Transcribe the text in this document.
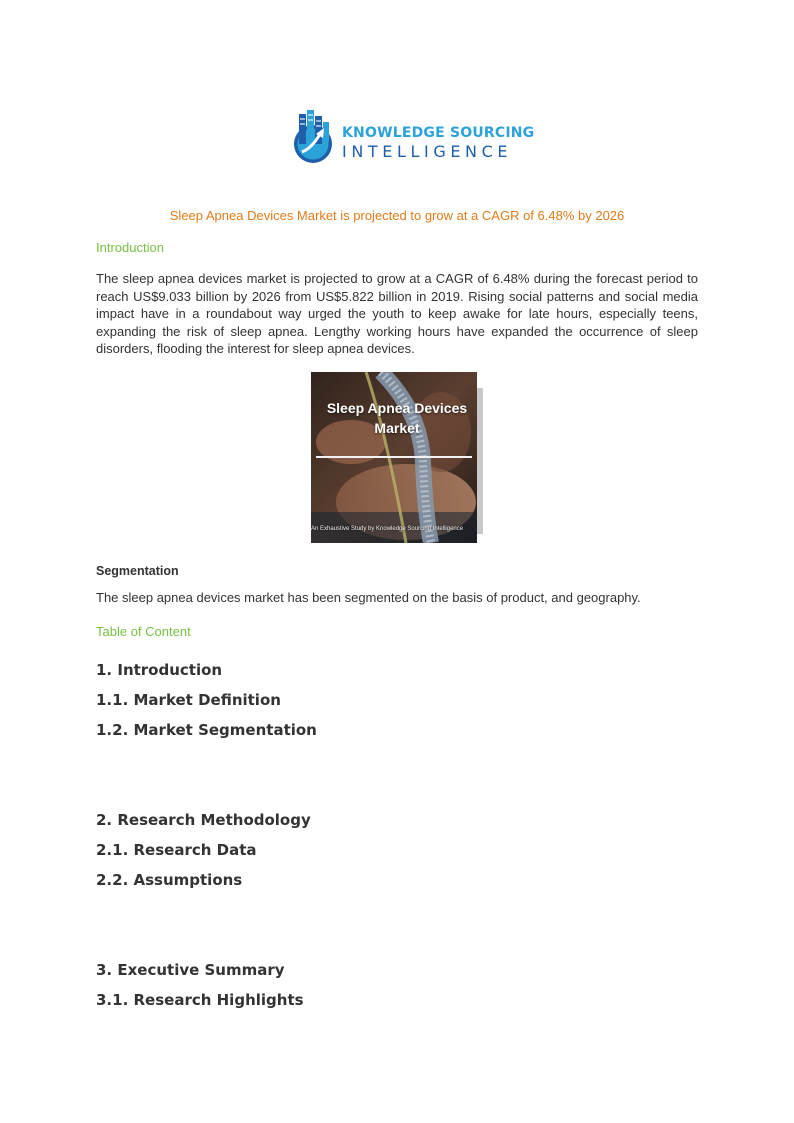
KNOWLEDGE SOURCING
INTELLIGENCE
Sleep Apnea Devices Market is projected to grow at a CAGR of 6.48% by 2026
Introduction
The sleep apnea devices market is projected to grow at a CAGR of 6.48% during the forecast period to reach US$9.033 billion by 2026 from US$5.822 billion in 2019. Rising social patterns and social media impact have in a roundabout way urged the youth to keep awake for late hours, especially teens, expanding the risk of sleep apnea. Lengthy working hours have expanded the occurrence of sleep disorders, flooding the interest for sleep apnea devices.
Sleep Apnea Devices
Market
An Exhaustive Study by Knowledge Sourcing Intelligence
Segmentation
The sleep apnea devices market has been segmented on the basis of product, and geography.
Table of Content
1. Introduction
1.1. Market Definition
1.2. Market Segmentation
2. Research Methodology
2.1. Research Data
2.2. Assumptions
3. Executive Summary
3.1. Research Highlights
